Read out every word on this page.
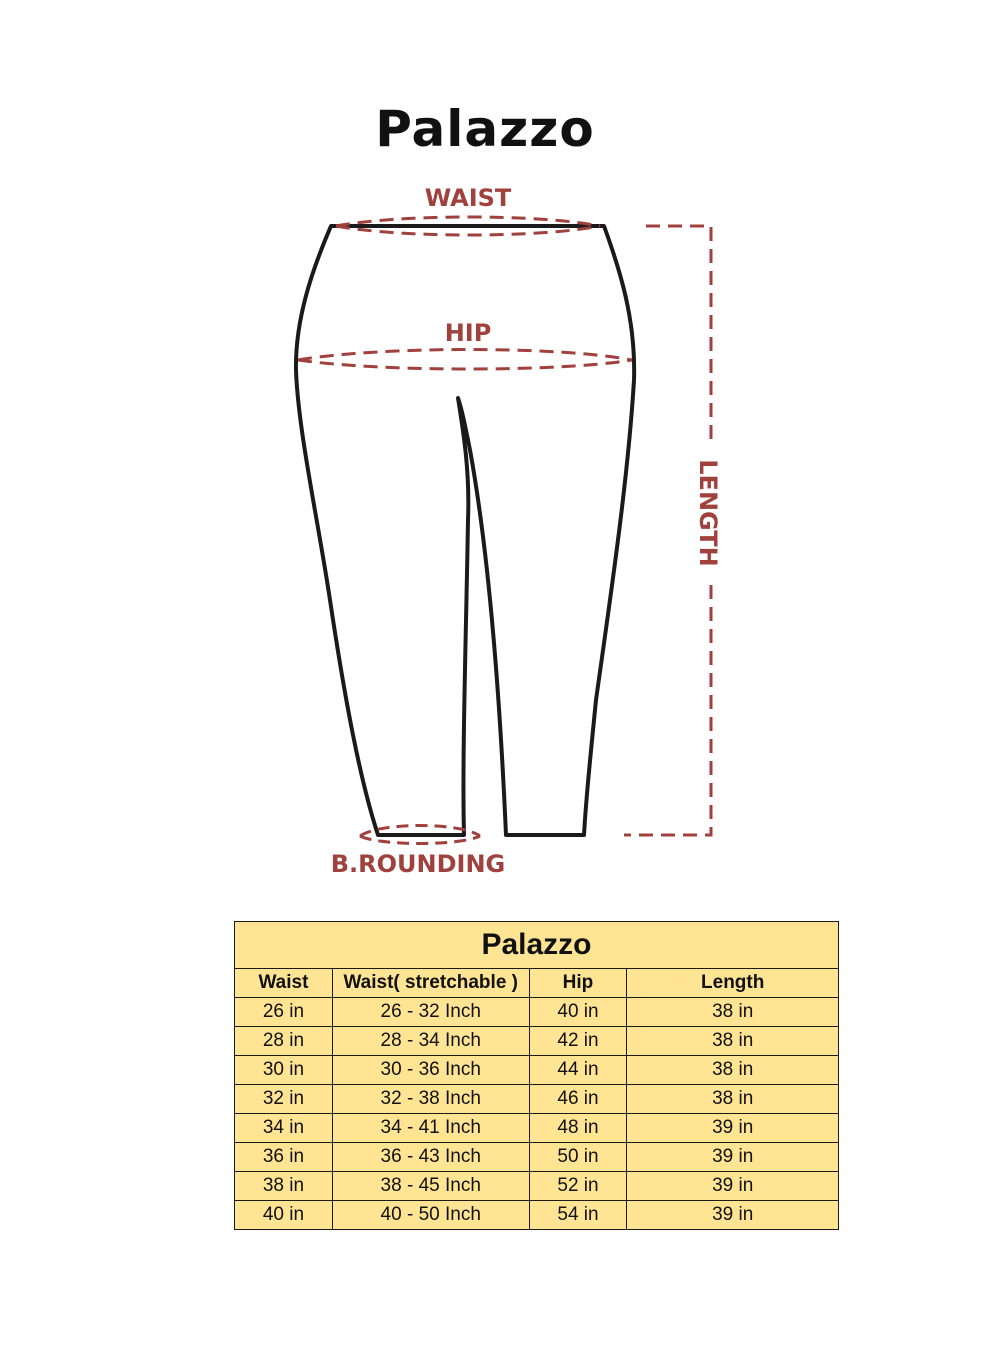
Palazzo
WAIST
HIP
B.ROUNDING
LENGTH
Palazzo			
Waist	Waist( stretchable )	Hip	Length
26 in	26 - 32 Inch	40 in	38 in
28 in	28 - 34 Inch	42 in	38 in
30 in	30 - 36 Inch	44 in	38 in
32 in	32 - 38 Inch	46 in	38 in
34 in	34 - 41 Inch	48 in	39 in
36 in	36 - 43 Inch	50 in	39 in
38 in	38 - 45 Inch	52 in	39 in
40 in	40 - 50 Inch	54 in	39 in
